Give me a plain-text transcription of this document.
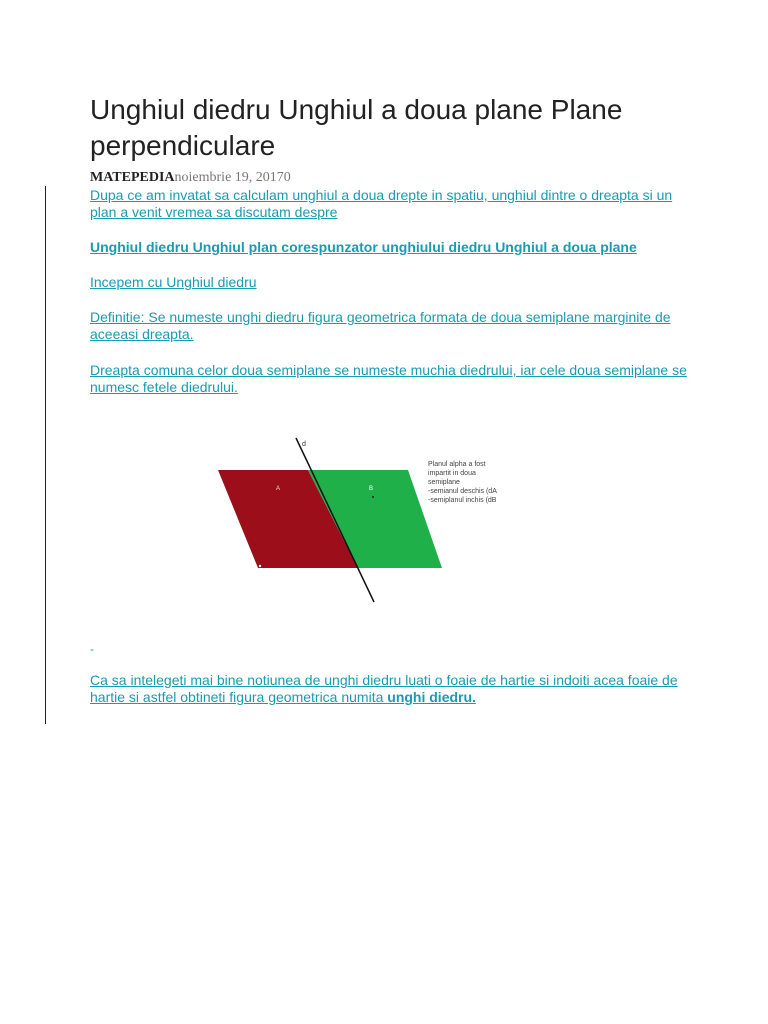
Unghiul diedru Unghiul a doua plane Plane perpendiculare
MATEPEDIAnoiembrie 19, 20170

Dupa ce am invatat sa calculam unghiul a doua drepte in spatiu, unghiul dintre o dreapta si un plan a venit vremea sa discutam despre

Unghiul diedru Unghiul plan corespunzator unghiului diedru Unghiul a doua plane

Incepem cu Unghiul diedru

Definitie: Se numeste unghi diedru figura geometrica formata de doua semiplane marginite de aceeasi dreapta.

Dreapta comuna celor doua semiplane se numeste muchia diedrului, iar cele doua semiplane se numesc fetele diedrului.

d
A	B
Planul alpha a fost
impartit in doua
semiplane
-semianul deschis (dA
-semiplanul inchis (dB
-

Ca sa intelegeti mai bine notiunea de unghi diedru luati o foaie de hartie si indoiti acea foaie de hartie si astfel obtineti figura geometrica numita unghi diedru.
